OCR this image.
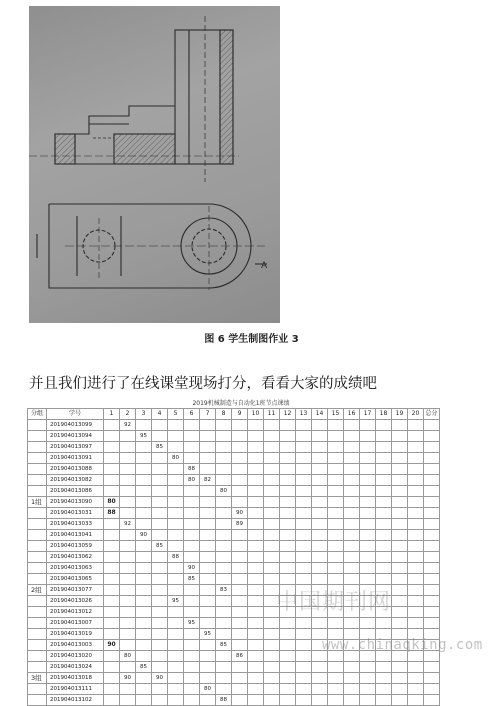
A
图 6 学生制图作业 3
并且我们进行了在线课堂现场打分，看看大家的成绩吧
2019机械制造与自动化1班节点课绩
分组	学号	1	2	3	4	5	6	7	8	9	10	11	12	13	14	15	16	17	18	19	20	总分
	201904013099		92																			
	201904013094			95																		
	201904013097				85																	
	201904013091					80																
	201904013088						88															
	201904013082						80	82														
	201904013086								80													
1组	201904013090	80																				
	201904013031	88								90												
	201904013033		92							89												
	201904013041			90																		
	201904013059				85																	
	201904013062					88																
	201904013063						90															
	201904013065						85															
2组	201904013077								83													
	201904013026					95																
	201904013012																					
	201904013007						95															
	201904013019							95														
	201904013003	90							85													
	201904013020		80							86												
	201904013024			85																		
3组	201904013018		90		90																	
	201904013111							80														
	201904013102								88													
中国期刊网
www.chinaqking.com
